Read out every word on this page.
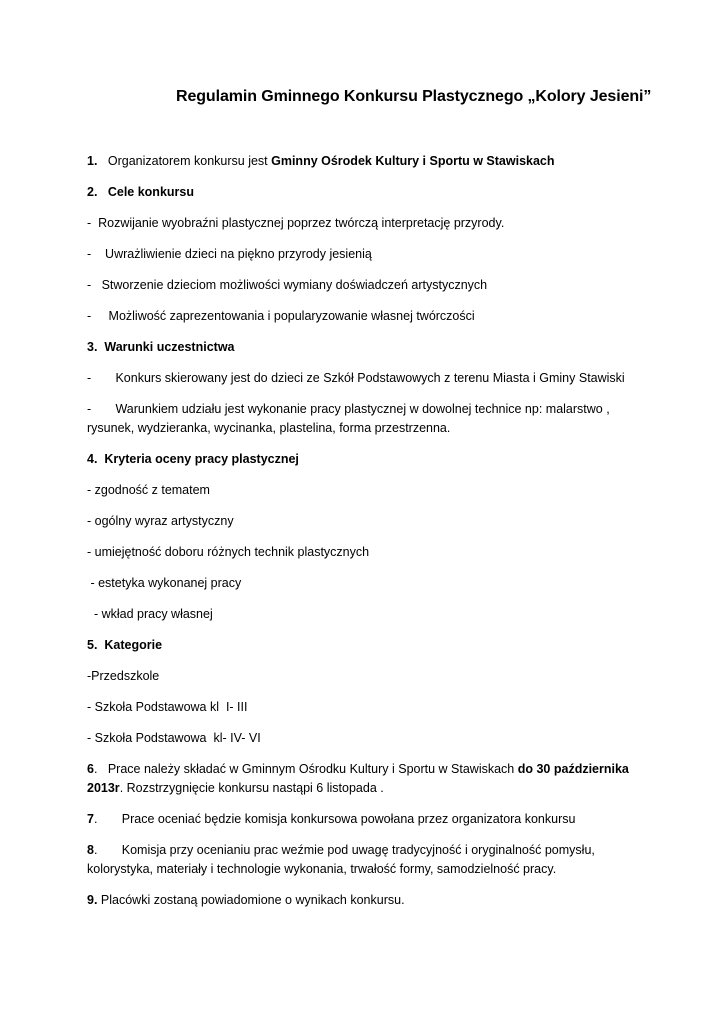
Regulamin Gminnego Konkursu Plastycznego „Kolory Jesieni”
1. Organizatorem konkursu jest Gminny Ośrodek Kultury i Sportu w Stawiskach
2.   Cele konkursu
-  Rozwijanie wyobraźni plastycznej poprzez twórczą interpretację przyrody.
-    Uwrażliwienie dzieci na piękno przyrody jesienią
-   Stworzenie dzieciom możliwości wymiany doświadczeń artystycznych
-     Możliwość zaprezentowania i popularyzowanie własnej twórczości
3.  Warunki uczestnictwa
-       Konkurs skierowany jest do dzieci ze Szkół Podstawowych z terenu Miasta i Gminy Stawiski
-       Warunkiem udziału jest wykonanie pracy plastycznej w dowolnej technice np: malarstwo ,
rysunek, wydzieranka, wycinanka, plastelina, forma przestrzenna.
4.  Kryteria oceny pracy plastycznej
- zgodność z tematem
- ogólny wyraz artystyczny
- umiejętność doboru różnych technik plastycznych
- estetyka wykonanej pracy
- wkład pracy własnej
5.  Kategorie
-Przedszkole
- Szkoła Podstawowa kl  I- III
- Szkoła Podstawowa  kl- IV- VI
6.   Prace należy składać w Gminnym Ośrodku Kultury i Sportu w Stawiskach do 30 października
2013r. Rozstrzygnięcie konkursu nastąpi 6 listopada .
7.       Prace oceniać będzie komisja konkursowa powołana przez organizatora konkursu
8.       Komisja przy ocenianiu prac weźmie pod uwagę tradycyjność i oryginalność pomysłu,
kolorystyka, materiały i technologie wykonania, trwałość formy, samodzielność pracy.
9. Placówki zostaną powiadomione o wynikach konkursu.
